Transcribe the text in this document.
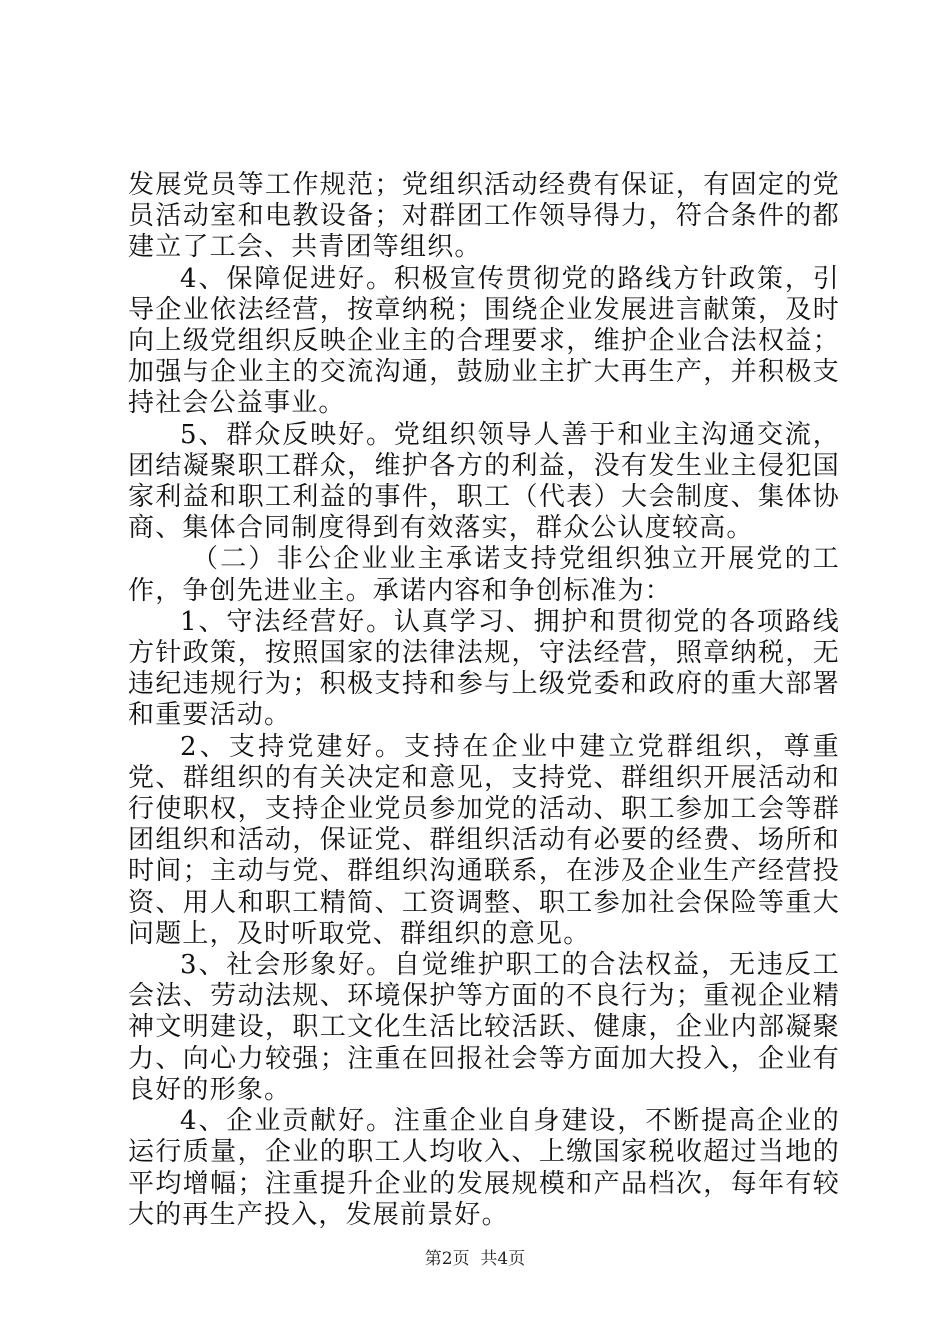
发展党员等工作规范；党组织活动经费有保证，有固定的党员活动室和电教设备；对群团工作领导得力，符合条件的都建立了工会、共青团等组织。

4、保障促进好。积极宣传贯彻党的路线方针政策，引导企业依法经营，按章纳税；围绕企业发展进言献策，及时向上级党组织反映企业主的合理要求，维护企业合法权益；加强与企业主的交流沟通，鼓励业主扩大再生产，并积极支持社会公益事业。

5、群众反映好。党组织领导人善于和业主沟通交流，团结凝聚职工群众，维护各方的利益，没有发生业主侵犯国家利益和职工利益的事件，职工（代表）大会制度、集体协商、集体合同制度得到有效落实，群众公认度较高。

（二）非公企业业主承诺支持党组织独立开展党的工作，争创先进业主。承诺内容和争创标准为：

1、守法经营好。认真学习、拥护和贯彻党的各项路线方针政策，按照国家的法律法规，守法经营，照章纳税，无违纪违规行为；积极支持和参与上级党委和政府的重大部署和重要活动。

2、支持党建好。支持在企业中建立党群组织，尊重党、群组织的有关决定和意见，支持党、群组织开展活动和行使职权，支持企业党员参加党的活动、职工参加工会等群团组织和活动，保证党、群组织活动有必要的经费、场所和时间；主动与党、群组织沟通联系，在涉及企业生产经营投资、用人和职工精简、工资调整、职工参加社会保险等重大问题上，及时听取党、群组织的意见。

3、社会形象好。自觉维护职工的合法权益，无违反工会法、劳动法规、环境保护等方面的不良行为；重视企业精神文明建设，职工文化生活比较活跃、健康，企业内部凝聚力、向心力较强；注重在回报社会等方面加大投入，企业有良好的形象。

4、企业贡献好。注重企业自身建设，不断提高企业的运行质量，企业的职工人均收入、上缴国家税收超过当地的平均增幅；注重提升企业的发展规模和产品档次，每年有较大的再生产投入，发展前景好。

第2页  共4页
